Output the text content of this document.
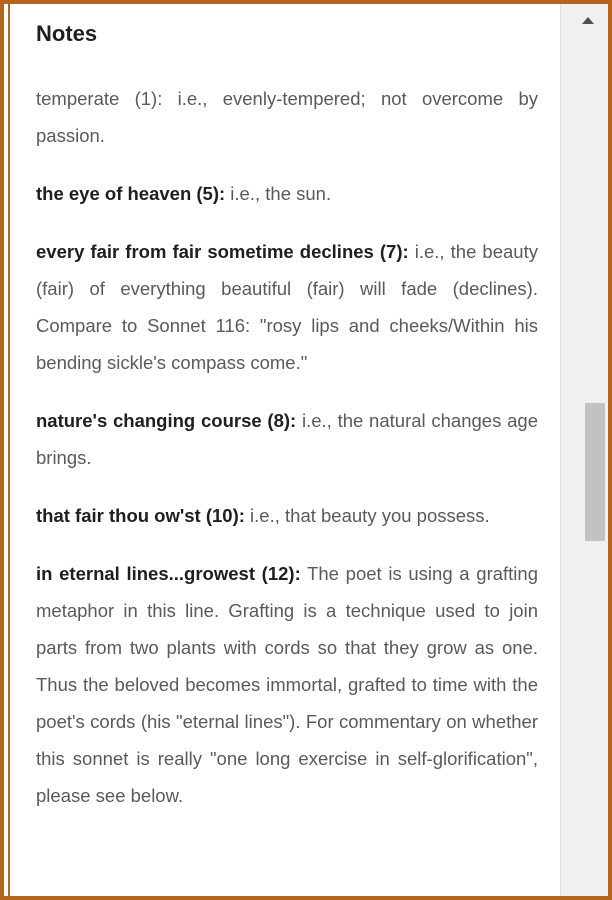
Notes

temperate (1): i.e., evenly-tempered; not overcome by passion.

the eye of heaven (5): i.e., the sun.

every fair from fair sometime declines (7): i.e., the beauty (fair) of everything beautiful (fair) will fade (declines). Compare to Sonnet 116: "rosy lips and cheeks/Within his bending sickle's compass come."

nature's changing course (8): i.e., the natural changes age brings.

that fair thou ow'st (10): i.e., that beauty you possess.

in eternal lines...growest (12): The poet is using a grafting metaphor in this line. Grafting is a technique used to join parts from two plants with cords so that they grow as one. Thus the beloved becomes immortal, grafted to time with the poet's cords (his "eternal lines"). For commentary on whether this sonnet is really "one long exercise in self-glorification", please see below.
